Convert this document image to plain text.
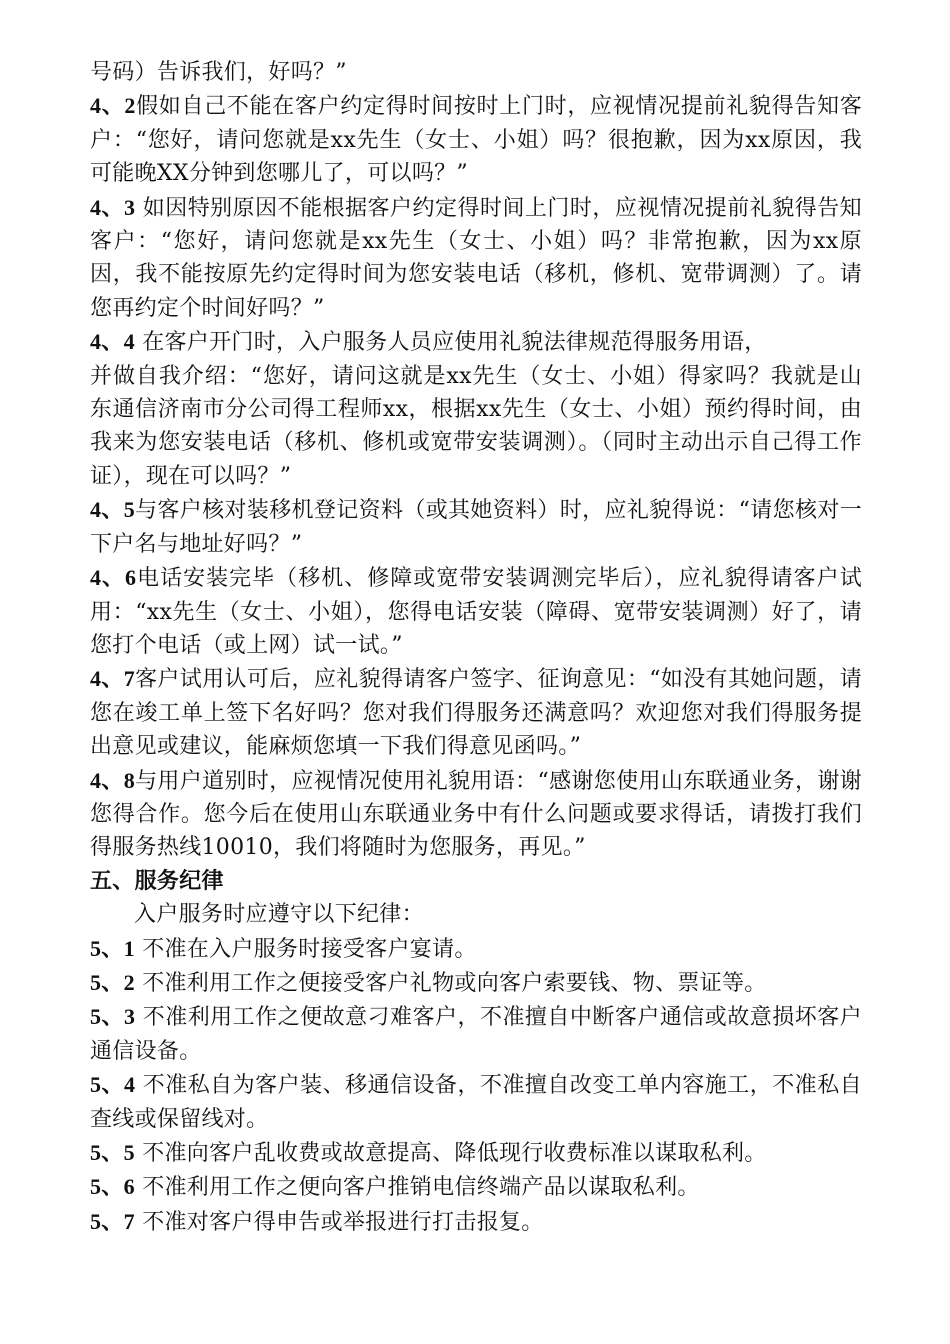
号码）告诉我们，好吗？”

4、2假如自己不能在客户约定得时间按时上门时，应视情况提前礼貌得告知客户：“您好，请问您就是xx先生（女士、小姐）吗？很抱歉，因为xx原因，我可能晚XX分钟到您哪儿了，可以吗？”

4、3 如因特别原因不能根据客户约定得时间上门时，应视情况提前礼貌得告知客户：“您好，请问您就是xx先生（女士、小姐）吗？非常抱歉，因为xx原因，我不能按原先约定得时间为您安装电话（移机，修机、宽带调测）了。请您再约定个时间好吗？”

4、4 在客户开门时，入户服务人员应使用礼貌法律规范得服务用语，

并做自我介绍：“您好，请问这就是xx先生（女士、小姐）得家吗？我就是山东通信济南市分公司得工程师xx，根据xx先生（女士、小姐）预约得时间，由我来为您安装电话（移机、修机或宽带安装调测）。（同时主动出示自己得工作证），现在可以吗？”

4、5与客户核对装移机登记资料（或其她资料）时，应礼貌得说：“请您核对一下户名与地址好吗？”

4、6电话安装完毕（移机、修障或宽带安装调测完毕后），应礼貌得请客户试用：“xx先生（女士、小姐），您得电话安装（障碍、宽带安装调测）好了，请您打个电话（或上网）试一试。”

4、7客户试用认可后，应礼貌得请客户签字、征询意见：“如没有其她问题，请您在竣工单上签下名好吗？您对我们得服务还满意吗？欢迎您对我们得服务提出意见或建议，能麻烦您填一下我们得意见函吗。”

4、8与用户道别时，应视情况使用礼貌用语：“感谢您使用山东联通业务，谢谢您得合作。您今后在使用山东联通业务中有什么问题或要求得话，请拨打我们得服务热线10010，我们将随时为您服务，再见。”

五、服务纪律

入户服务时应遵守以下纪律：

5、1 不准在入户服务时接受客户宴请。

5、2 不准利用工作之便接受客户礼物或向客户索要钱、物、票证等。

5、3 不准利用工作之便故意刁难客户，不准擅自中断客户通信或故意损坏客户通信设备。

5、4 不准私自为客户装、移通信设备，不准擅自改变工单内容施工，不准私自查线或保留线对。

5、5 不准向客户乱收费或故意提高、降低现行收费标准以谋取私利。

5、6 不准利用工作之便向客户推销电信终端产品以谋取私利。

5、7 不准对客户得申告或举报进行打击报复。
